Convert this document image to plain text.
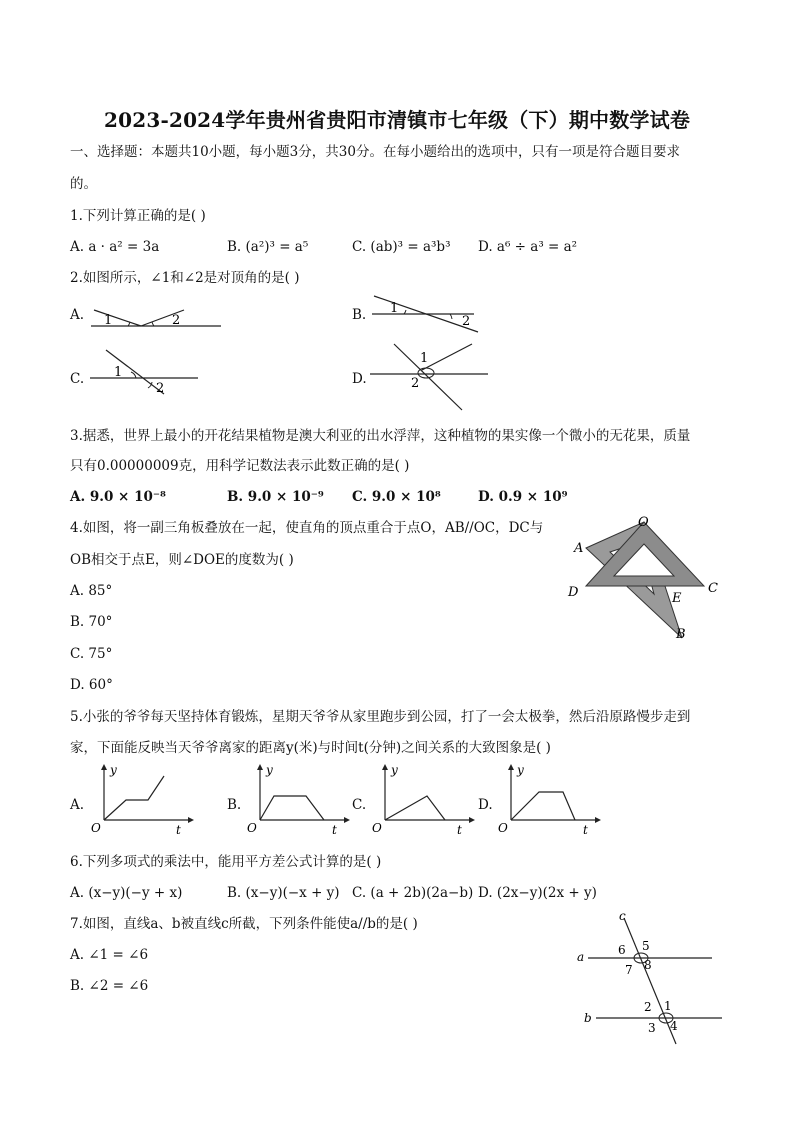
2023-2024学年贵州省贵阳市清镇市七年级（下）期中数学试卷
一、选择题：本题共10小题，每小题3分，共30分。在每小题给出的选项中，只有一项是符合题目要求
的。
1.下列计算正确的是( )
A. a · a² = 3a	B. (a²)³ = a⁵	C. (ab)³ = a³b³ D. a⁶ ÷ a³ = a²
2.如图所示，∠1和∠2是对顶角的是( )
A. 1	2	B. 1
2
C. 1
2
D.
1
2
3.据悉，世界上最小的开花结果植物是澳大利亚的出水浮萍，这种植物的果实像一个微小的无花果，质量
只有0.0000000​9克，用科学记数法表示此数正确的是( )
A. 9.0 × 10⁻⁸	B. 9.0 × 10⁻⁹ C. 9.0 × 10⁸	D. 0.9 × 10⁹
4.如图，将一副三角板叠放在一起，使直角的顶点重合于点O，AB//OC，DC与
OB相交于点E，则∠DOE的度数为( )
A. 85°
B. 70°
C. 75°
D. 60°
O
A
D	E
C
B
5.小张的爷爷每天坚持体育锻炼，星期天爷爷从家里跑步到公园，打了一会太极拳，然后沿原路慢步走到
家，下面能反映当天爷爷离家的距离y(米)与时间t(分钟)之间关系的大致图象是( )
A.
y
O	t
B.
y
O	t
C.
y
O	t
D.
y
O	t
6.下列多项式的乘法中，能用平方差公式计算的是( )
A. (x−y)(−y + x)	B. (x−y)(−x + y) C. (a + 2b)(2a−b) D. (2x−y)(2x + y)
7.如图，直线a、b被直线c所截，下列条件能使a//b的是( )
A. ∠1 = ∠6
B. ∠2 = ∠6
c
a
b
6 5
7 8
2 1
3 4
